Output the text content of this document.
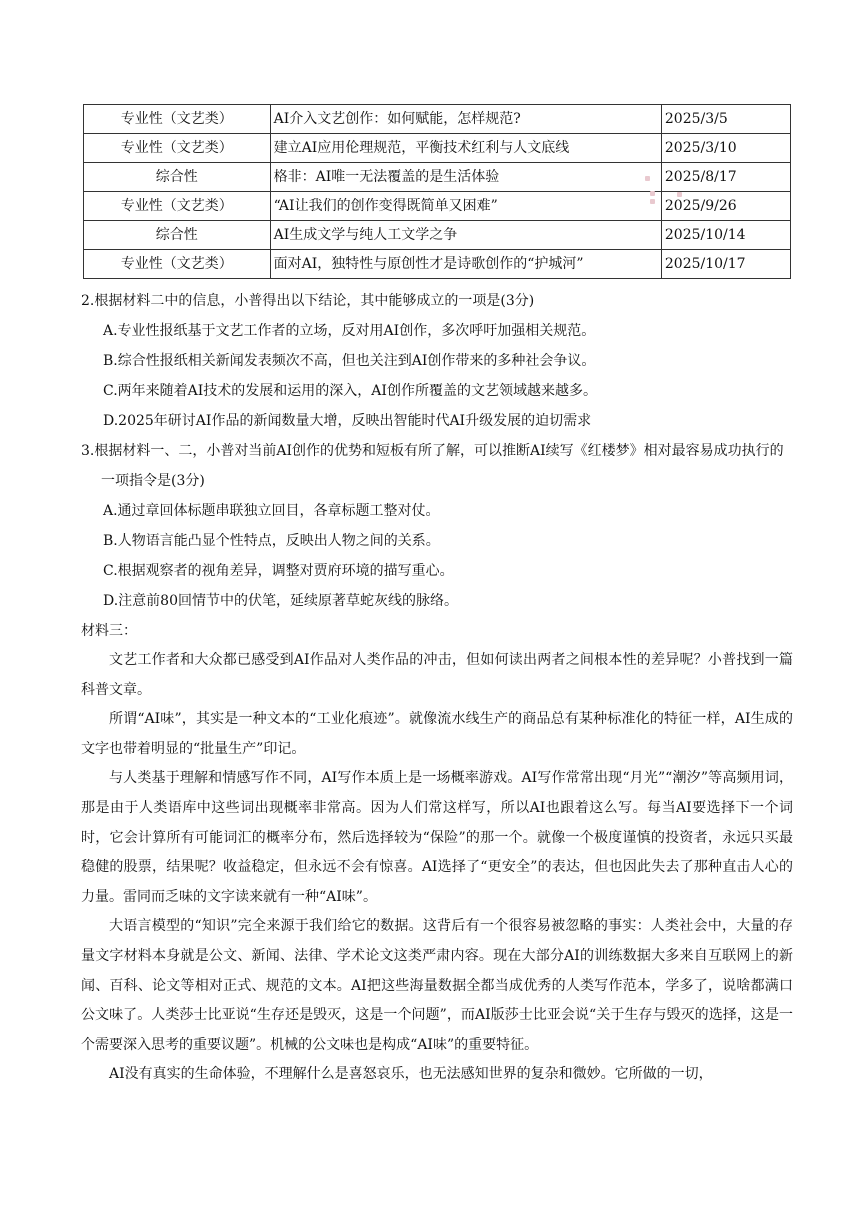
专业性（文艺类）	AI介入文艺创作：如何赋能，怎样规范?	2025/3/5
专业性（文艺类）	建立AI应用伦理规范，平衡技术红利与人文底线	2025/3/10
综合性	格非：AI唯一无法覆盖的是生活体验	2025/8/17
专业性（文艺类）	“AI让我们的创作变得既简单又困难”	2025/9/26
综合性	AI生成文学与纯人工文学之争	2025/10/14
专业性（文艺类）	面对AI，独特性与原创性才是诗歌创作的“护城河”	2025/10/17
2.根据材料二中的信息，小普得出以下结论，其中能够成立的一项是(3分)
A.专业性报纸基于文艺工作者的立场，反对用AI创作，多次呼吁加强相关规范。
B.综合性报纸相关新闻发表频次不高，但也关注到AI创作带来的多种社会争议。
C.两年来随着AI技术的发展和运用的深入，AI创作所覆盖的文艺领域越来越多。
D.2025年研讨AI作品的新闻数量大增，反映出智能时代AI升级发展的迫切需求
3.根据材料一、二，小普对当前AI创作的优势和短板有所了解，可以推断AI续写《红楼梦》相对最容易成功执行的一项指令是(3分)
A.通过章回体标题串联独立回目，各章标题工整对仗。
B.人物语言能凸显个性特点，反映出人物之间的关系。
C.根据观察者的视角差异，调整对贾府环境的描写重心。
D.注意前80回情节中的伏笔，延续原著草蛇灰线的脉络。
材料三：

文艺工作者和大众都已感受到AI作品对人类作品的冲击，但如何读出两者之间根本性的差异呢？小普找到一篇科普文章。

所谓“AI味”，其实是一种文本的“工业化痕迹”。就像流水线生产的商品总有某种标准化的特征一样，AI生成的文字也带着明显的“批量生产”印记。

与人类基于理解和情感写作不同，AI写作本质上是一场概率游戏。AI写作常常出现“月光”“潮汐”等高频用词，那是由于人类语库中这些词出现概率非常高。因为人们常这样写，所以AI也跟着这么写。每当AI要选择下一个词时，它会计算所有可能词汇的概率分布，然后选择较为“保险”的那一个。就像一个极度谨慎的投资者，永远只买最稳健的股票，结果呢？收益稳定，但永远不会有惊喜。AI选择了“更安全”的表达，但也因此失去了那种直击人心的力量。雷同而乏味的文字读来就有一种“AI味”。

大语言模型的“知识”完全来源于我们给它的数据。这背后有一个很容易被忽略的事实：人类社会中，大量的存量文字材料本身就是公文、新闻、法律、学术论文这类严肃内容。现在大部分AI的训练数据大多来自互联网上的新闻、百科、论文等相对正式、规范的文本。AI把这些海量数据全都当成优秀的人类写作范本，学多了，说啥都满口公文味了。人类莎士比亚说“生存还是毁灭，这是一个问题”，而AI版莎士比亚会说“关于生存与毁灭的选择，这是一个需要深入思考的重要议题”。机械的公文味也是构成“AI味”的重要特征。

AI没有真实的生命体验，不理解什么是喜怒哀乐，也无法感知世界的复杂和微妙。它所做的一切，
